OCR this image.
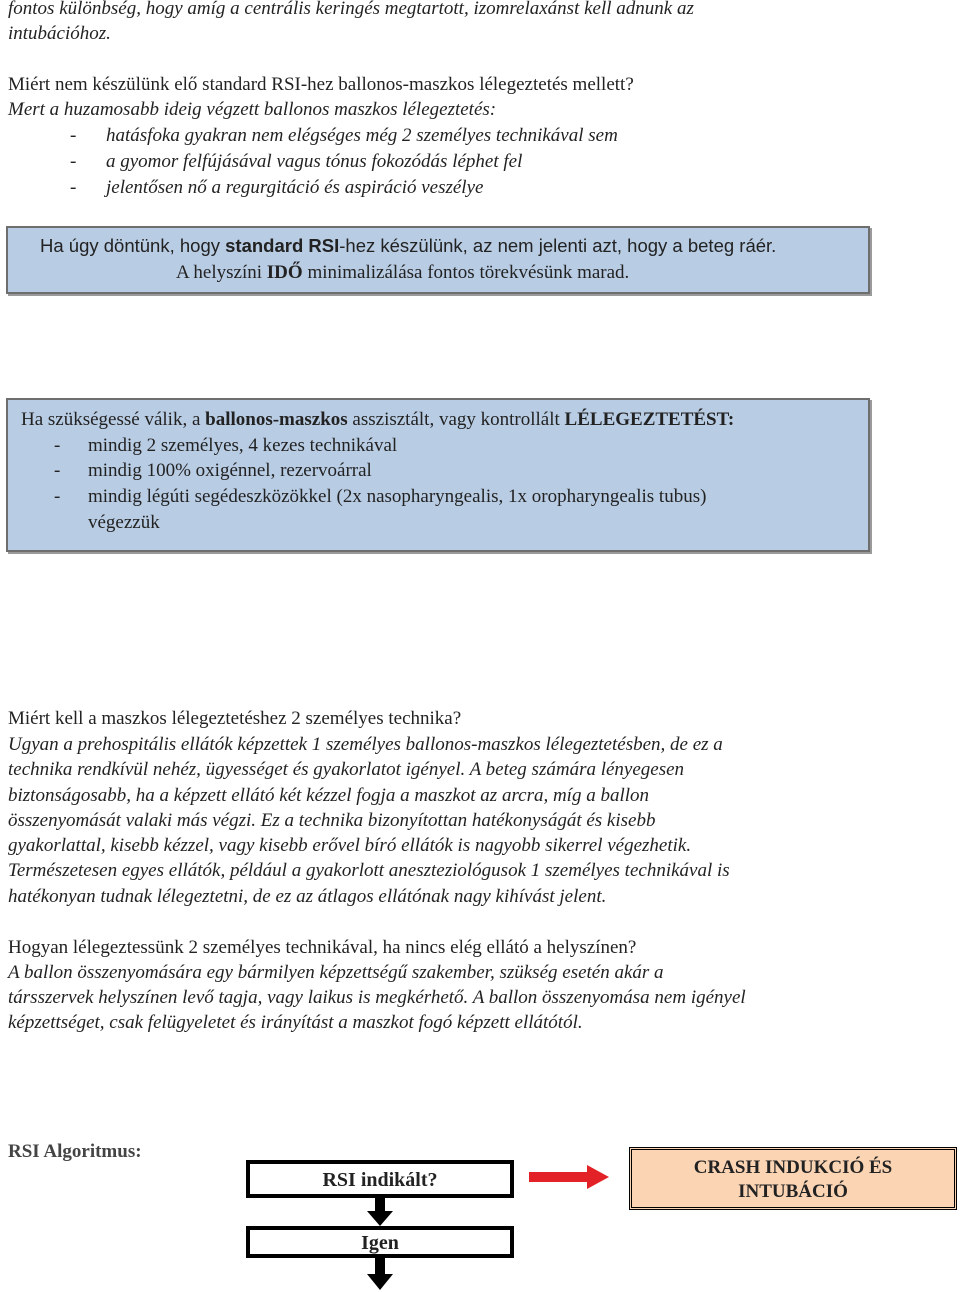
fontos különbség, hogy amíg a centrális keringés megtartott, izomrelaxánst kell adnunk az
intubációhoz.
Miért nem készülünk elő standard RSI-hez ballonos-maszkos lélegeztetés mellett?
Mert a huzamosabb ideig végzett ballonos maszkos lélegeztetés:
- hatásfoka gyakran nem elégséges még 2 személyes technikával sem
- a gyomor felfújásával vagus tónus fokozódás léphet fel
- jelentősen nő a regurgitáció és aspiráció veszélye
Ha úgy döntünk, hogy standard RSI-hez készülünk, az nem jelenti azt, hogy a beteg ráér.
A helyszíni IDŐ minimalizálása fontos törekvésünk marad.
Ha szükségessé válik, a ballonos-maszkos asszisztált, vagy kontrollált LÉLEGEZTETÉST:
- mindig 2 személyes, 4 kezes technikával
- mindig 100% oxigénnel, rezervoárral
- mindig légúti segédeszközökkel (2x nasopharyngealis, 1x oropharyngealis tubus)
végezzük
Miért kell a maszkos lélegeztetéshez 2 személyes technika?
Ugyan a prehospitális ellátók képzettek 1 személyes ballonos-maszkos lélegeztetésben, de ez a
technika rendkívül nehéz, ügyességet és gyakorlatot igényel. A beteg számára lényegesen
biztonságosabb, ha a képzett ellátó két kézzel fogja a maszkot az arcra, míg a ballon
összenyomását valaki más végzi. Ez a technika bizonyítottan hatékonyságát és kisebb
gyakorlattal, kisebb kézzel, vagy kisebb erővel bíró ellátók is nagyobb sikerrel végezhetik.
Természetesen egyes ellátók, például a gyakorlott aneszteziológusok 1 személyes technikával is
hatékonyan tudnak lélegeztetni, de ez az átlagos ellátónak nagy kihívást jelent.
Hogyan lélegeztessünk 2 személyes technikával, ha nincs elég ellátó a helyszínen?
A ballon összenyomására egy bármilyen képzettségű szakember, szükség esetén akár a
társszervek helyszínen levő tagja, vagy laikus is megkérhető. A ballon összenyomása nem igényel
képzettséget, csak felügyeletet és irányítást a maszkot fogó képzett ellátótól.
RSI Algoritmus:
RSI indikált?
CRASH INDUKCIÓ ÉS
INTUBÁCIÓ
Igen
